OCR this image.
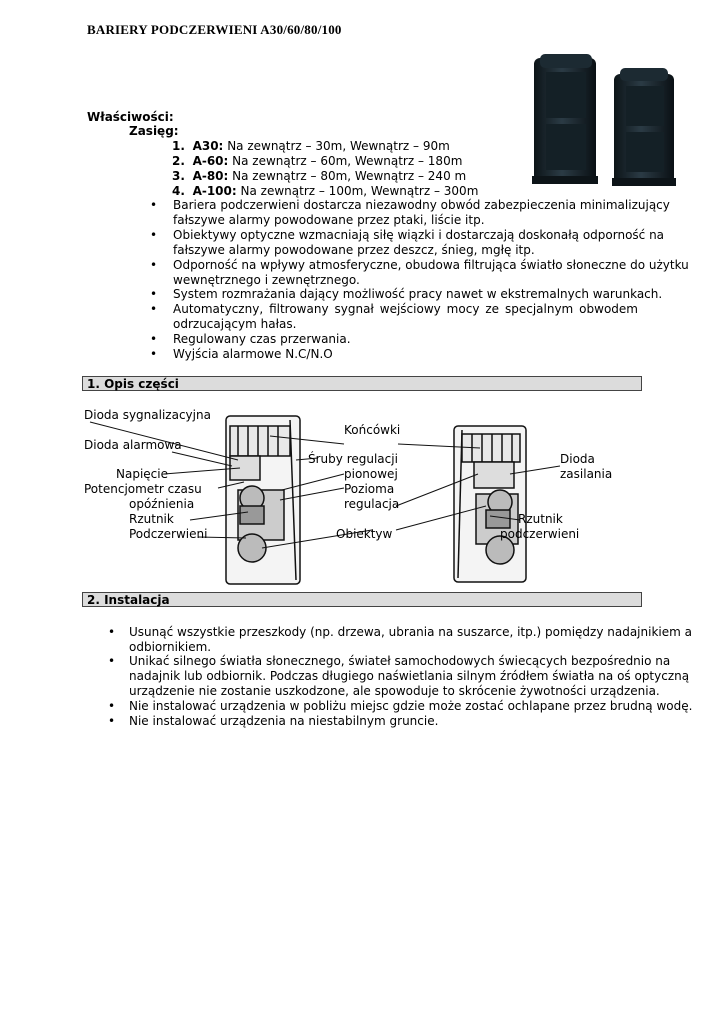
BARIERY PODCZERWIENI A30/60/80/100
Właściwości:
Zasięg:
1. A30: Na zewnątrz – 30m, Wewnątrz – 90m
2. A-60: Na zewnątrz – 60m, Wewnątrz – 180m
3. A-80: Na zewnątrz – 80m, Wewnątrz – 240 m
4. A-100: Na zewnątrz – 100m, Wewnątrz – 300m
• Bariera podczerwieni dostarcza niezawodny obwód zabezpieczenia minimalizujący
fałszywe alarmy powodowane przez ptaki, liście itp.
• Obiektywy optyczne wzmacniają siłę wiązki i dostarczają doskonałą odporność na
fałszywe alarmy powodowane przez deszcz, śnieg, mgłę itp.
• Odporność na wpływy atmosferyczne, obudowa filtrująca światło słoneczne do użytku
wewnętrznego i zewnętrznego.
• System rozmrażania dający możliwość pracy nawet w ekstremalnych warunkach.
• Automatyczny, filtrowany sygnał wejściowy mocy ze specjalnym obwodem
odrzucającym hałas.
• Regulowany czas przerwania.
• Wyjścia alarmowe N.C/N.O
1. Opis części
Dioda sygnalizacyjna
Dioda alarmowa
Napięcie
Potencjometr czasu
opóźnienia
Rzutnik
Podczerwieni
Końcówki
Śruby regulacji
pionowej
Pozioma
regulacja
Obiektyw
Dioda
zasilania
Rzutnik
podczerwieni
2. Instalacja
• Usunąć wszystkie przeszkody (np. drzewa, ubrania na suszarce, itp.) pomiędzy nadajnikiem a
odbiornikiem.
• Unikać silnego światła słonecznego, świateł samochodowych świecących bezpośrednio na
nadajnik lub odbiornik. Podczas długiego naświetlania silnym źródłem światła na oś optyczną
urządzenie nie zostanie uszkodzone, ale spowoduje to skrócenie żywotności urządzenia.
• Nie instalować urządzenia w pobliżu miejsc gdzie może zostać ochlapane przez brudną wodę.
• Nie instalować urządzenia na niestabilnym gruncie.
